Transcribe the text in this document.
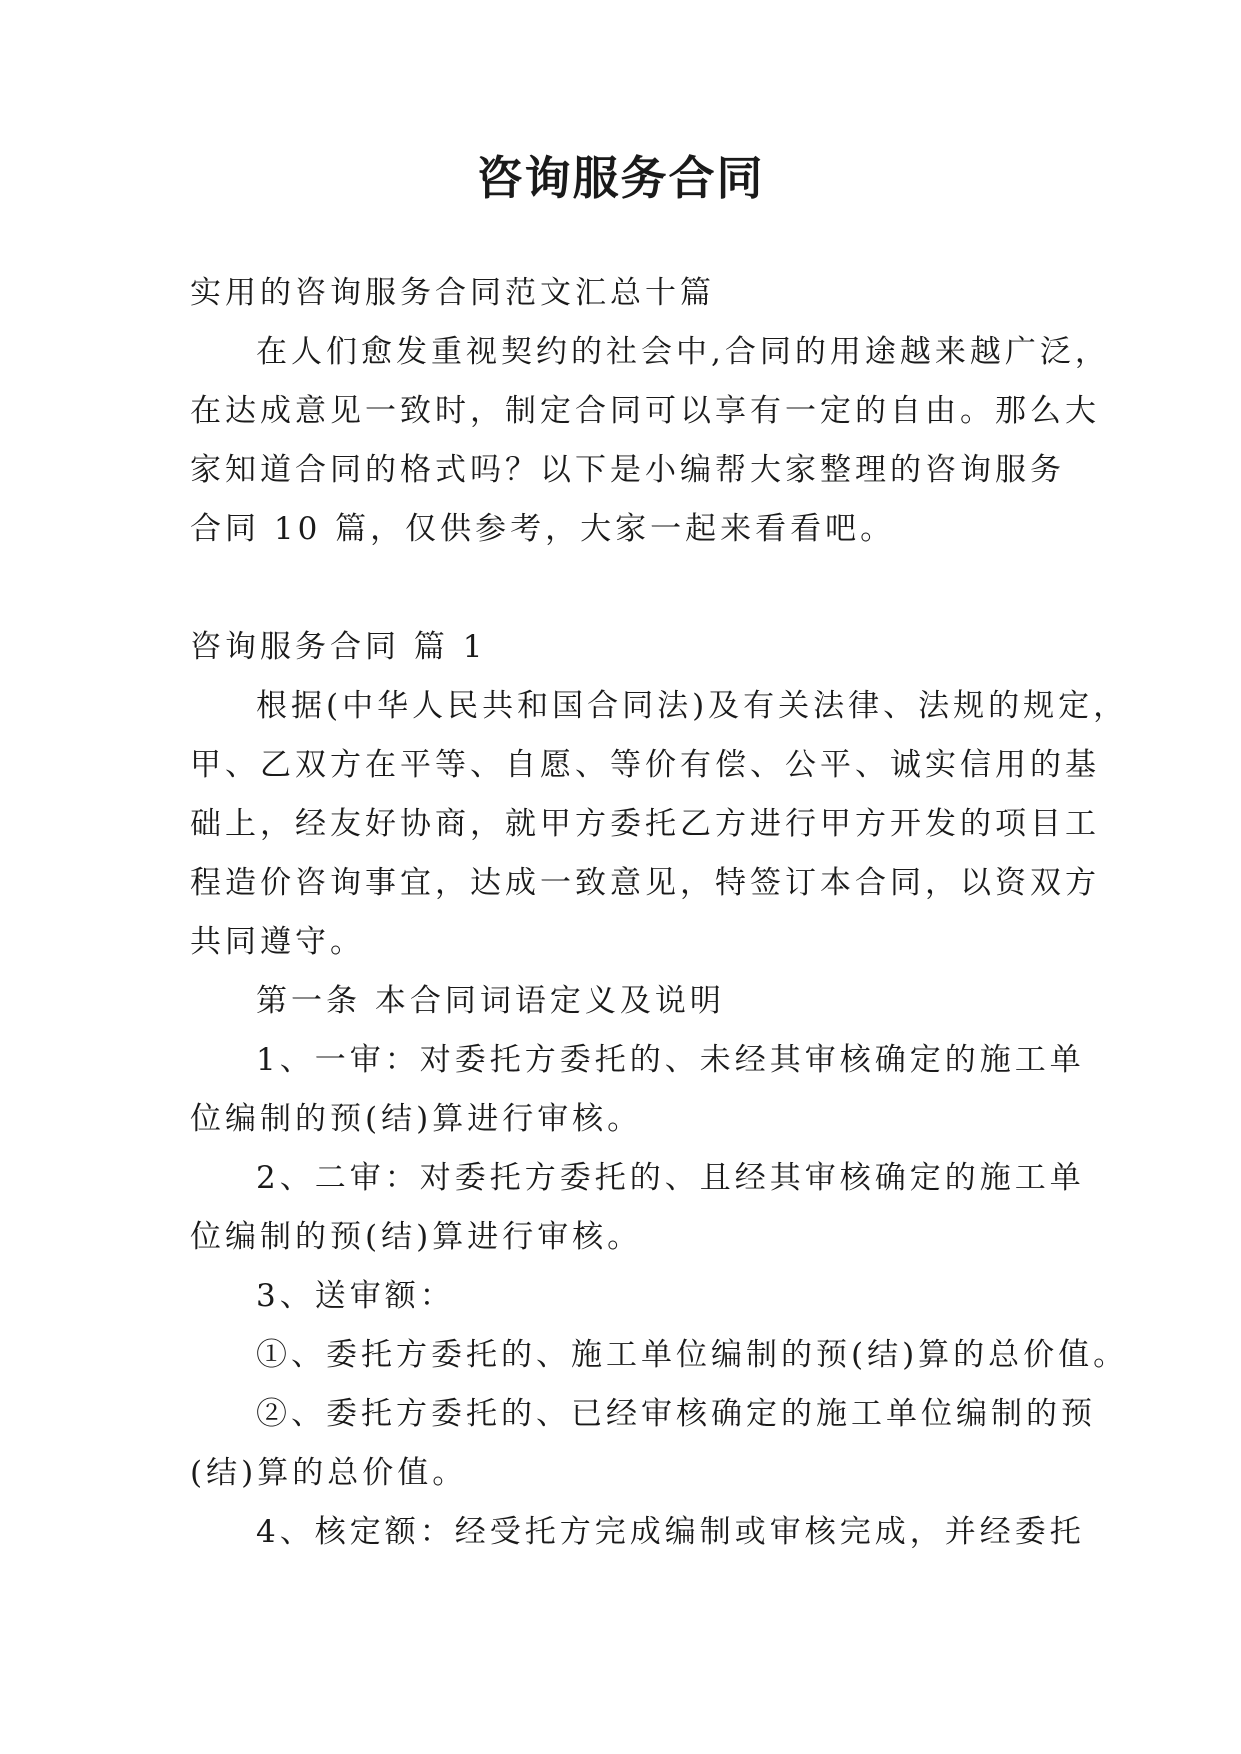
咨询服务合同
实用的咨询服务合同范文汇总十篇
在人们愈发重视契约的社会中,合同的用途越来越广泛，
在达成意见一致时，制定合同可以享有一定的自由。那么大
家知道合同的格式吗？以下是小编帮大家整理的咨询服务
合同 10 篇，仅供参考，大家一起来看看吧。
咨询服务合同 篇 1
根据(中华人民共和国合同法)及有关法律、法规的规定，
甲、乙双方在平等、自愿、等价有偿、公平、诚实信用的基
础上，经友好协商，就甲方委托乙方进行甲方开发的项目工
程造价咨询事宜，达成一致意见，特签订本合同，以资双方
共同遵守。
第一条 本合同词语定义及说明
1、一审：对委托方委托的、未经其审核确定的施工单
位编制的预(结)算进行审核。
2、二审：对委托方委托的、且经其审核确定的施工单
位编制的预(结)算进行审核。
3、送审额：
①、委托方委托的、施工单位编制的预(结)算的总价值。
②、委托方委托的、已经审核确定的施工单位编制的预
(结)算的总价值。
4、核定额：经受托方完成编制或审核完成，并经委托
